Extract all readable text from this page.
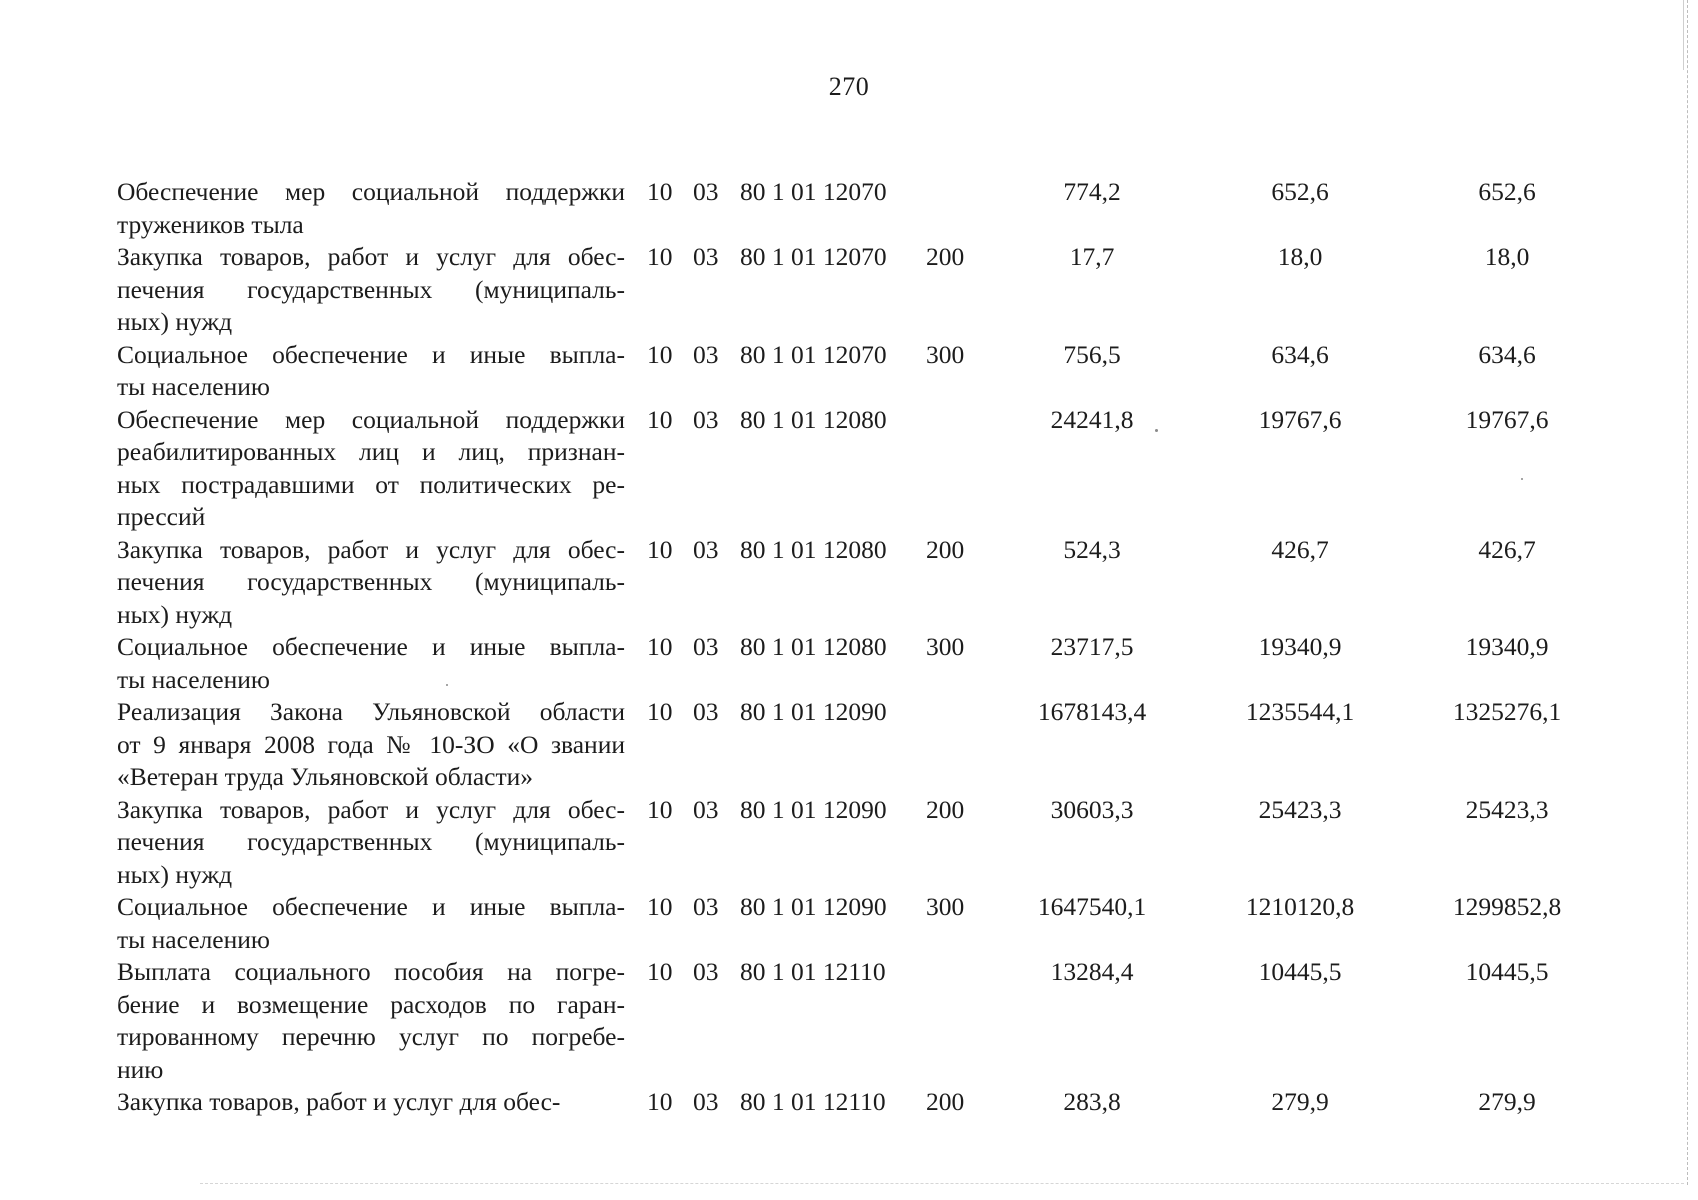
270
Обеспечение мер социальной поддержки
тружеников тыла
10 03 80 1 01 12070	774,2	652,6	652,6
Закупка товаров, работ и услуг для обес-
печения государственных (муниципаль-
ных) нужд
10 03 80 1 01 12070 200	17,7	18,0	18,0
Социальное обеспечение и иные выпла-
ты населению
10 03 80 1 01 12070 300	756,5	634,6	634,6
Обеспечение мер социальной поддержки
реабилитированных лиц и лиц, признан-
ных пострадавшими от политических ре-
прессий
10 03 80 1 01 12080	24241,8	19767,6	19767,6
Закупка товаров, работ и услуг для обес-
печения государственных (муниципаль-
ных) нужд
10 03 80 1 01 12080 200	524,3	426,7	426,7
Социальное обеспечение и иные выпла-
ты населению
10 03 80 1 01 12080 300	23717,5	19340,9	19340,9
Реализация Закона Ульяновской области
от 9 января 2008 года № 10-ЗО «О звании
«Ветеран труда Ульяновской области»
10 03 80 1 01 12090	1678143,4	1235544,1	1325276,1
Закупка товаров, работ и услуг для обес-
печения государственных (муниципаль-
ных) нужд
10 03 80 1 01 12090 200	30603,3	25423,3	25423,3
Социальное обеспечение и иные выпла-
ты населению
10 03 80 1 01 12090 300	1647540,1	1210120,8	1299852,8
Выплата социального пособия на погре-
бение и возмещение расходов по гаран-
тированному перечню услуг по погребе-
нию
10 03 80 1 01 12110	13284,4	10445,5	10445,5
Закупка товаров, работ и услуг для обес-	10 03 80 1 01 12110 200	283,8	279,9	279,9
